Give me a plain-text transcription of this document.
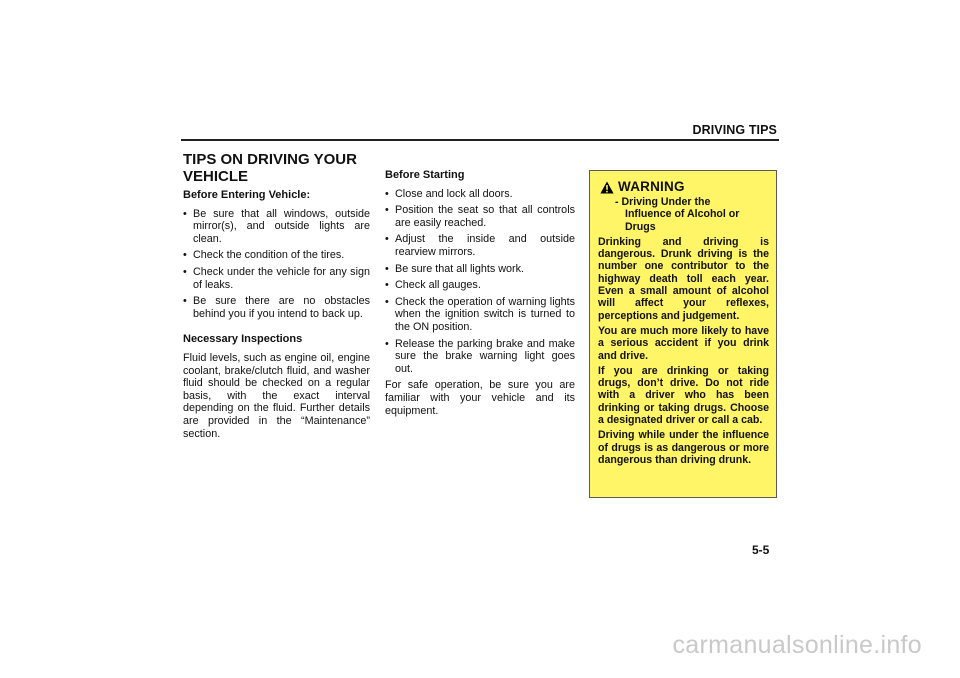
DRIVING TIPS
TIPS ON DRIVING YOUR VEHICLE
Before Entering Vehicle:
• Be sure that all windows, outside mirror(s), and outside lights are clean.
• Check the condition of the tires.
• Check under the vehicle for any sign of leaks.
• Be sure there are no obstacles behind you if you intend to back up.
Necessary Inspections

Fluid levels, such as engine oil, engine coolant, brake/clutch fluid, and washer fluid should be checked on a regular basis, with the exact interval depending on the fluid. Further details are provided in the “Maintenance” section.

Before Starting
• Close and lock all doors.
• Position the seat so that all controls are easily reached.
• Adjust the inside and outside rearview mirrors.
• Be sure that all lights work.
• Check all gauges.
• Check the operation of warning lights when the ignition switch is turned to the ON position.
• Release the parking brake and make sure the brake warning light goes out.

For safe operation, be sure you are familiar with your vehicle and its equipment.

WARNING
- Driving Under the
Influence of Alcohol or
Drugs

Drinking and driving is dangerous. Drunk driving is the number one contributor to the highway death toll each year. Even a small amount of alcohol will affect your reflexes, perceptions and judgement.

You are much more likely to have a serious accident if you drink and drive.

If you are drinking or taking drugs, don’t drive. Do not ride with a driver who has been drinking or taking drugs. Choose a designated driver or call a cab.

Driving while under the influence of drugs is as dangerous or more dangerous than driving drunk.

5-5
carmanualsonline.info
